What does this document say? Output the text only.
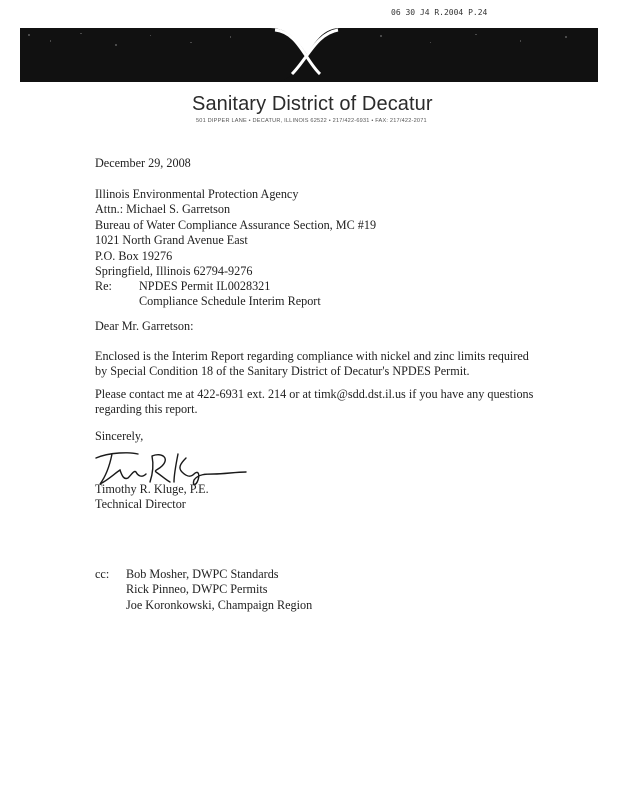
06 30 J4 R.2004 P.24
Sanitary District of Decatur
501 DIPPER LANE • DECATUR, ILLINOIS 62522 • 217/422-6931 • FAX: 217/422-2071
December 29, 2008
Illinois Environmental Protection Agency
Attn.: Michael S. Garretson
Bureau of Water Compliance Assurance Section, MC #19
1021 North Grand Avenue East
P.O. Box 19276
Springfield, Illinois 62794-9276
Re: NPDES Permit IL0028321
Compliance Schedule Interim Report
Dear Mr. Garretson:
Enclosed is the Interim Report regarding compliance with nickel and zinc limits required
by Special Condition 18 of the Sanitary District of Decatur's NPDES Permit.
Please contact me at 422-6931 ext. 214 or at timk@sdd.dst.il.us if you have any questions
regarding this report.
Sincerely,
Timothy R. Kluge, P.E.
Technical Director
cc: Bob Mosher, DWPC Standards
Rick Pinneo, DWPC Permits
Joe Koronkowski, Champaign Region
